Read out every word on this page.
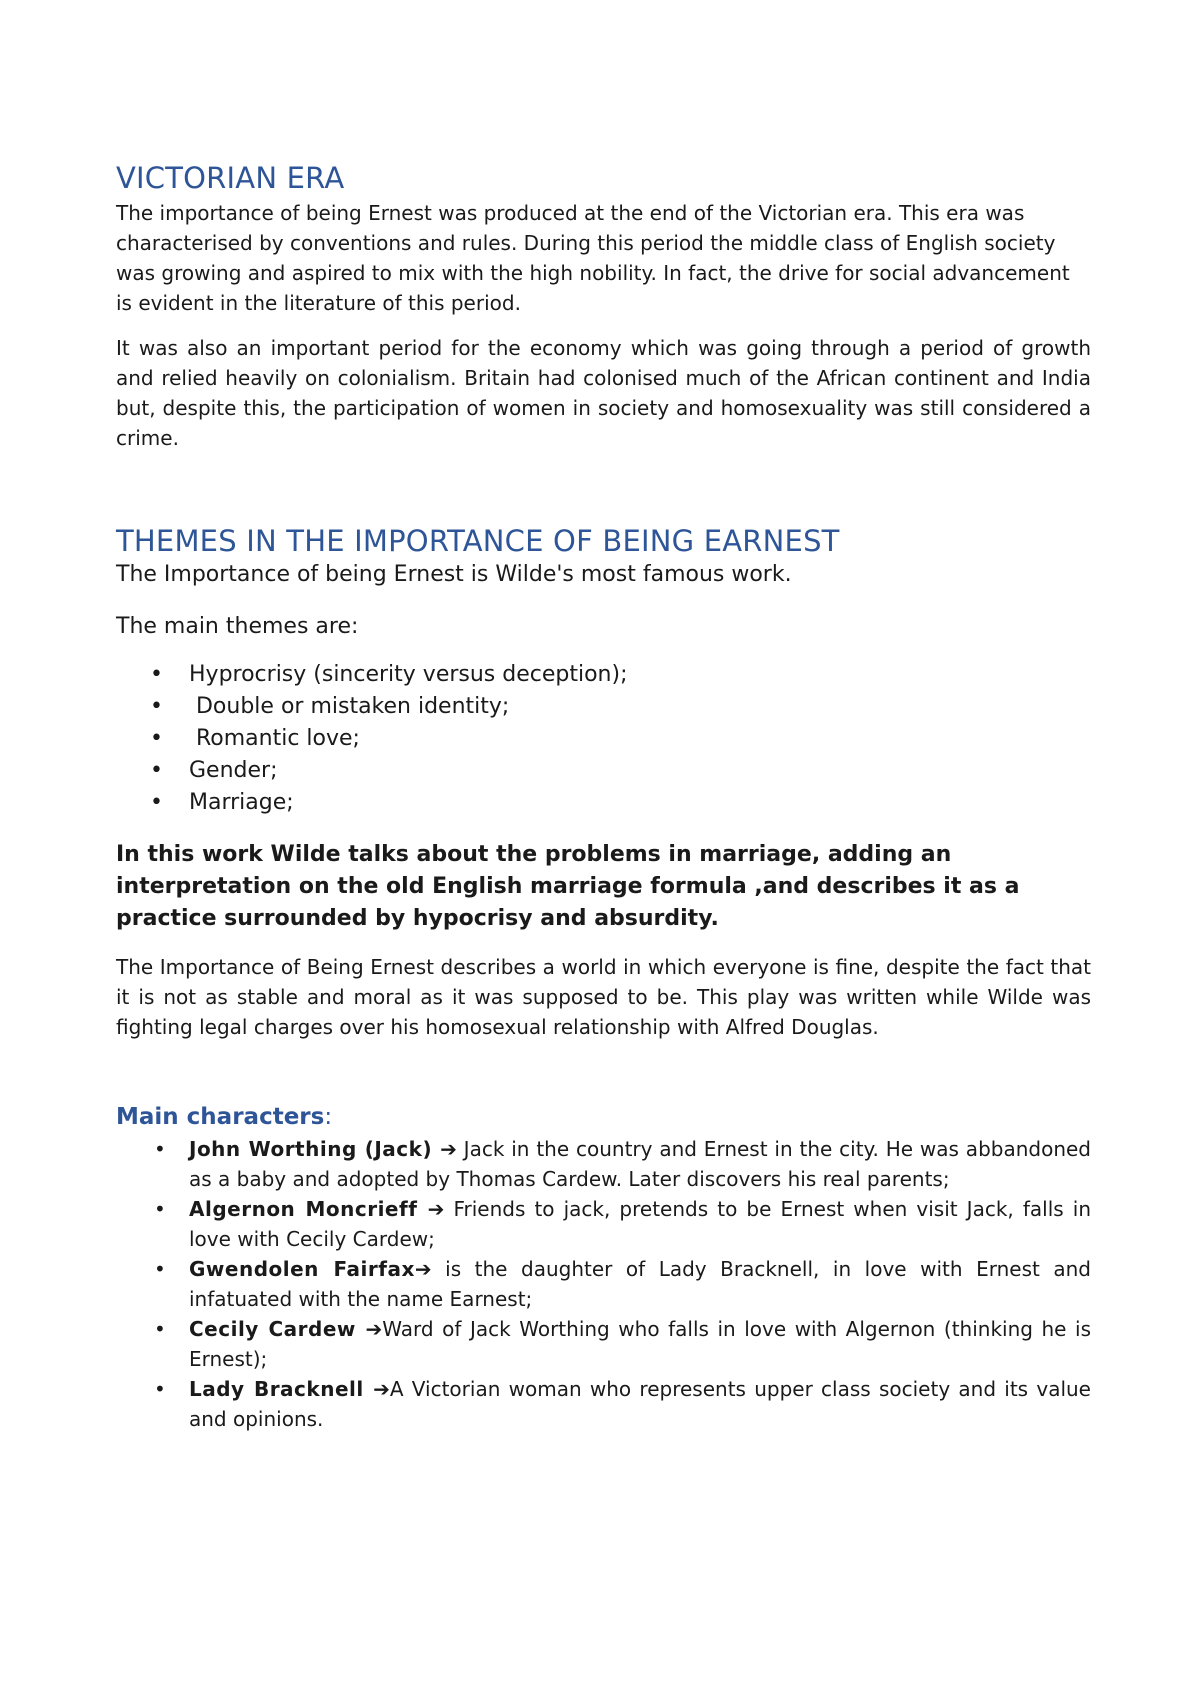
VICTORIAN ERA

The importance of being Ernest was produced at the end of the Victorian era. This era was characterised by conventions and rules. During this period the middle class of English society was growing and aspired to mix with the high nobility. In fact, the drive for social advancement is evident in the literature of this period.

It was also an important period for the economy which was going through a period of growth and relied heavily on colonialism. Britain had colonised much of the African continent and India but, despite this, the participation of women in society and homosexuality was still considered a crime.

THEMES IN THE IMPORTANCE OF BEING EARNEST

The Importance of being Ernest is Wilde's most famous work.

The main themes are:

• Hyprocrisy (sincerity versus deception);
• Double or mistaken identity;
• Romantic love;
• Gender;
• Marriage;

In this work Wilde talks about the problems in marriage, adding an interpretation on the old English marriage formula ,and describes it as a practice surrounded by hypocrisy and absurdity.

The Importance of Being Ernest describes a world in which everyone is fine, despite the fact that it is not as stable and moral as it was supposed to be. This play was written while Wilde was fighting legal charges over his homosexual relationship with Alfred Douglas.

Main characters:
• John Worthing (Jack) ➔ Jack in the country and Ernest in the city. He was abbandoned as a baby and adopted by Thomas Cardew. Later discovers his real parents;
• Algernon Moncrieff ➔ Friends to jack, pretends to be Ernest when visit Jack, falls in love with Cecily Cardew;
• Gwendolen Fairfax➔ is the daughter of Lady Bracknell, in love with Ernest and infatuated with the name Earnest;
• Cecily Cardew ➔Ward of Jack Worthing who falls in love with Algernon (thinking he is Ernest);
• Lady Bracknell ➔A Victorian woman who represents upper class society and its value and opinions.
